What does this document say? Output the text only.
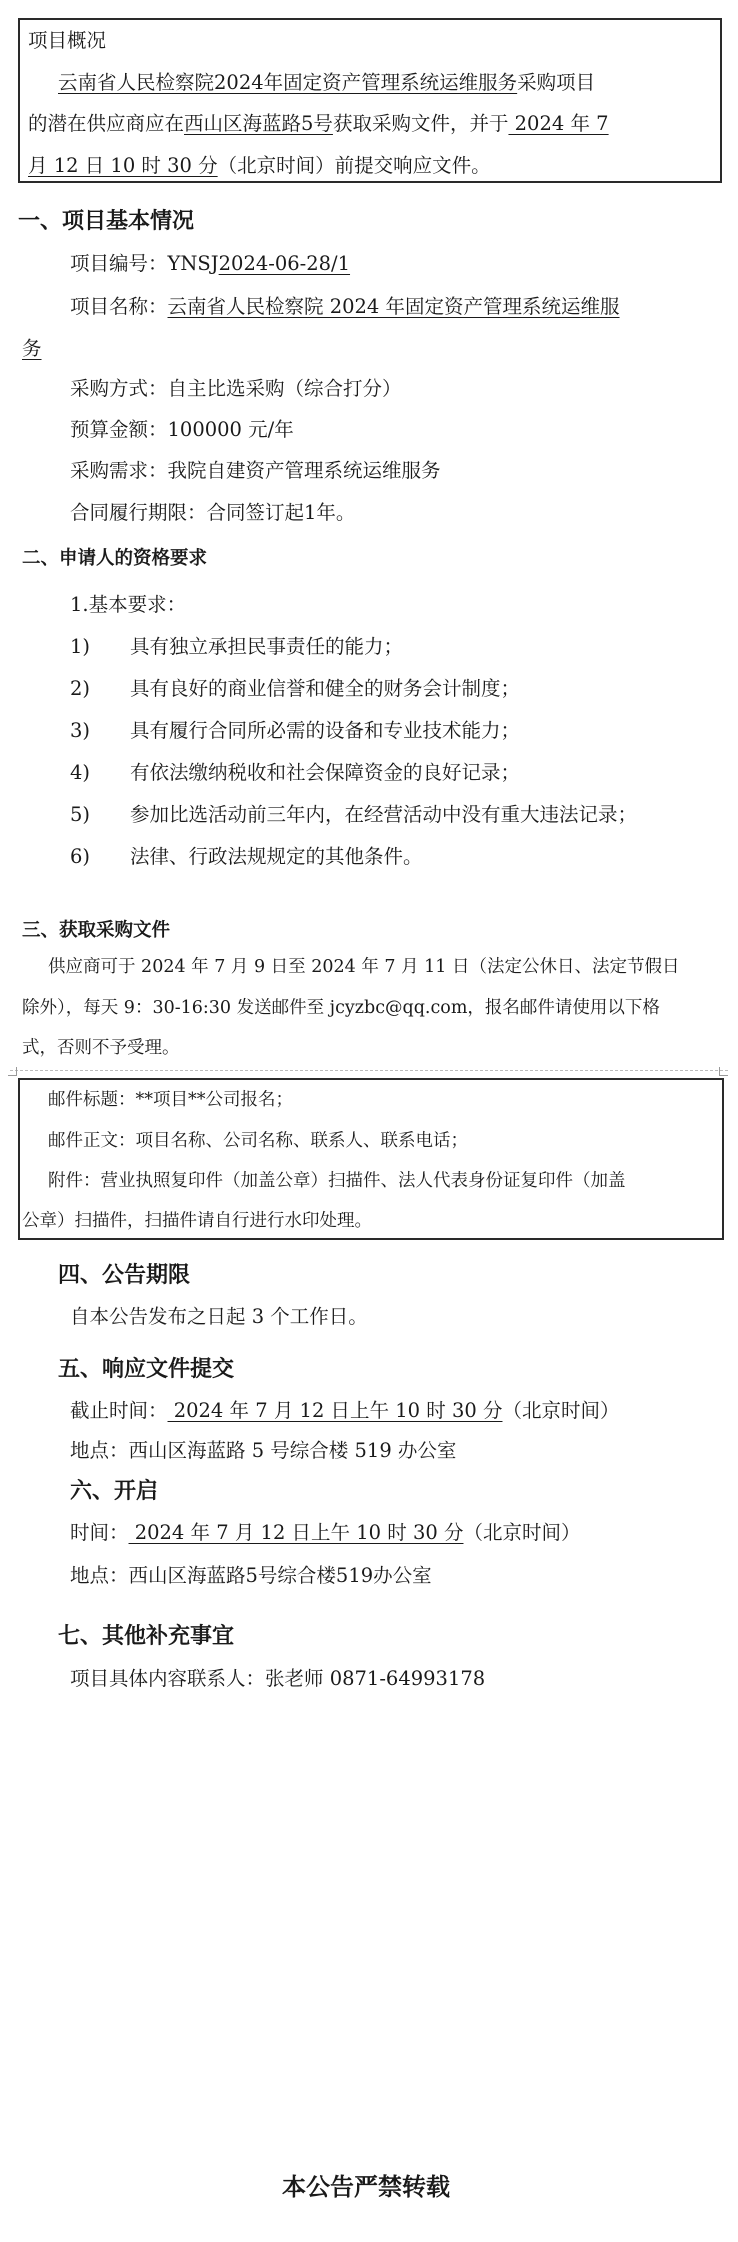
项目概况

云南省人民检察院2024年固定资产管理系统运维服务采购项目

的潜在供应商应在西山区海蓝路5号获取采购文件，并于 2024 年 7

月 12 日 10 时 30 分（北京时间）前提交响应文件。

一、项目基本情况

项目编号：YNSJ2024-06-28/1

项目名称：云南省人民检察院 2024 年固定资产管理系统运维服

务

采购方式：自主比选采购（综合打分）

预算金额：100000 元/年

采购需求：我院自建资产管理系统运维服务

合同履行期限：合同签订起1年。

二、申请人的资格要求

1.基本要求：

1) 具有独立承担民事责任的能力；

2) 具有良好的商业信誉和健全的财务会计制度；

3) 具有履行合同所必需的设备和专业技术能力；

4) 有依法缴纳税收和社会保障资金的良好记录；

5) 参加比选活动前三年内，在经营活动中没有重大违法记录；

6) 法律、行政法规规定的其他条件。

三、获取采购文件

供应商可于 2024 年 7 月 9 日至 2024 年 7 月 11 日（法定公休日、法定节假日

除外），每天 9：30-16:30 发送邮件至 jcyzbc@qq.com，报名邮件请使用以下格

式，否则不予受理。

邮件标题：**项目**公司报名；

邮件正文：项目名称、公司名称、联系人、联系电话；

附件：营业执照复印件（加盖公章）扫描件、法人代表身份证复印件（加盖

公章）扫描件，扫描件请自行进行水印处理。

四、公告期限

自本公告发布之日起 3 个工作日。

五、响应文件提交

截止时间： 2024 年 7 月 12 日上午 10 时 30 分（北京时间）

地点：西山区海蓝路 5 号综合楼 519 办公室

六、开启

时间： 2024 年 7 月 12 日上午 10 时 30 分（北京时间）

地点：西山区海蓝路5号综合楼519办公室

七、其他补充事宜

项目具体内容联系人：张老师 0871-64993178

本公告严禁转载
